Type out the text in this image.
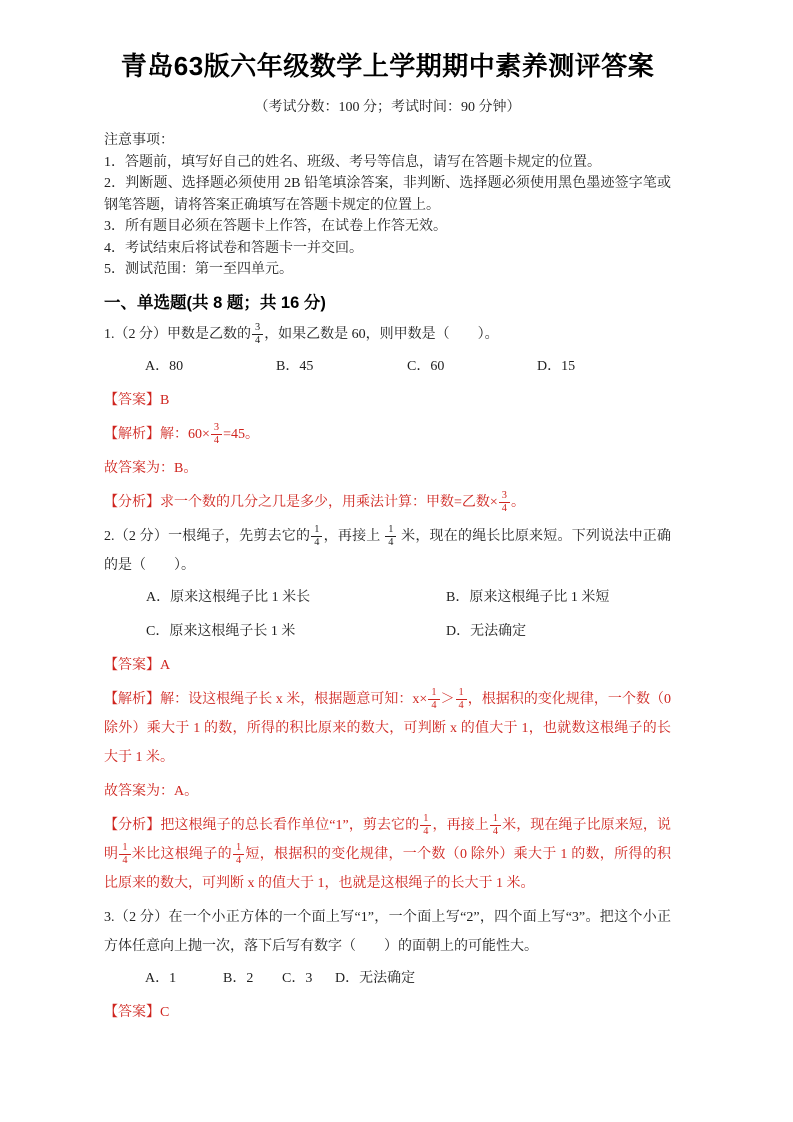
青岛63版六年级数学上学期期中素养测评答案
（考试分数：100 分；考试时间：90 分钟）

注意事项：

1．答题前，填写好自己的姓名、班级、考号等信息，请写在答题卡规定的位置。

2．判断题、选择题必须使用 2B 铅笔填涂答案，非判断、选择题必须使用黑色墨迹签字笔或钢笔答题，请将答案正确填写在答题卡规定的位置上。

3．所有题目必须在答题卡上作答，在试卷上作答无效。

4．考试结束后将试卷和答题卡一并交回。

5．测试范围：第一至四单元。

一、单选题(共 8 题；共 16 分)

1.（2 分）甲数是乙数的 $\frac{3}{4}$ ，如果乙数是 60，则甲数是（　　）。

A．80	B．45	C．60	D．15

【答案】B

【解析】解：$60\times \frac{3}{4} =45$。

故答案为：B。

【分析】求一个数的几分之几是多少，用乘法计算：甲数=乙数× $\frac{3}{4}$ 。

2.（2 分）一根绳子，先剪去它的 $\frac{1}{4}$ ，再接上 $\frac{1}{4}$ 米，现在的绳长比原来短。下列说法中正确的是（　　）。

A．原来这根绳子比 1 米长	B．原来这根绳子比 1 米短
C．原来这根绳子长 1 米	D．无法确定

【答案】A

【解析】解：设这根绳子长 x 米，根据题意可知：$x\times \frac{1}{4} > \frac{1}{4}$ ，根据积的变化规律，一个数（0 除外）乘大于 1 的数，所得的积比原来的数大，可判断 x 的值大于 1，也就数这根绳子的长大于 1 米。

故答案为：A。

【分析】把这根绳子的总长看作单位“1”，剪去它的 $\frac{1}{4}$ ，再接上 $\frac{1}{4}$ 米，现在绳子比原来短，说明 $\frac{1}{4}$ 米比这根绳子的 $\frac{1}{4}$ 短，根据积的变化规律，一个数（0 除外）乘大于 1 的数，所得的积比原来的数大，可判断 x 的值大于 1，也就是这根绳子的长大于 1 米。

3.（2 分）在一个小正方体的一个面上写“1”，一个面上写“2”，四个面上写“3”。把这个小正方体任意向上抛一次，落下后写有数字（　　）的面朝上的可能性大。

A．1	B．2	C．3	D．无法确定

【答案】C
